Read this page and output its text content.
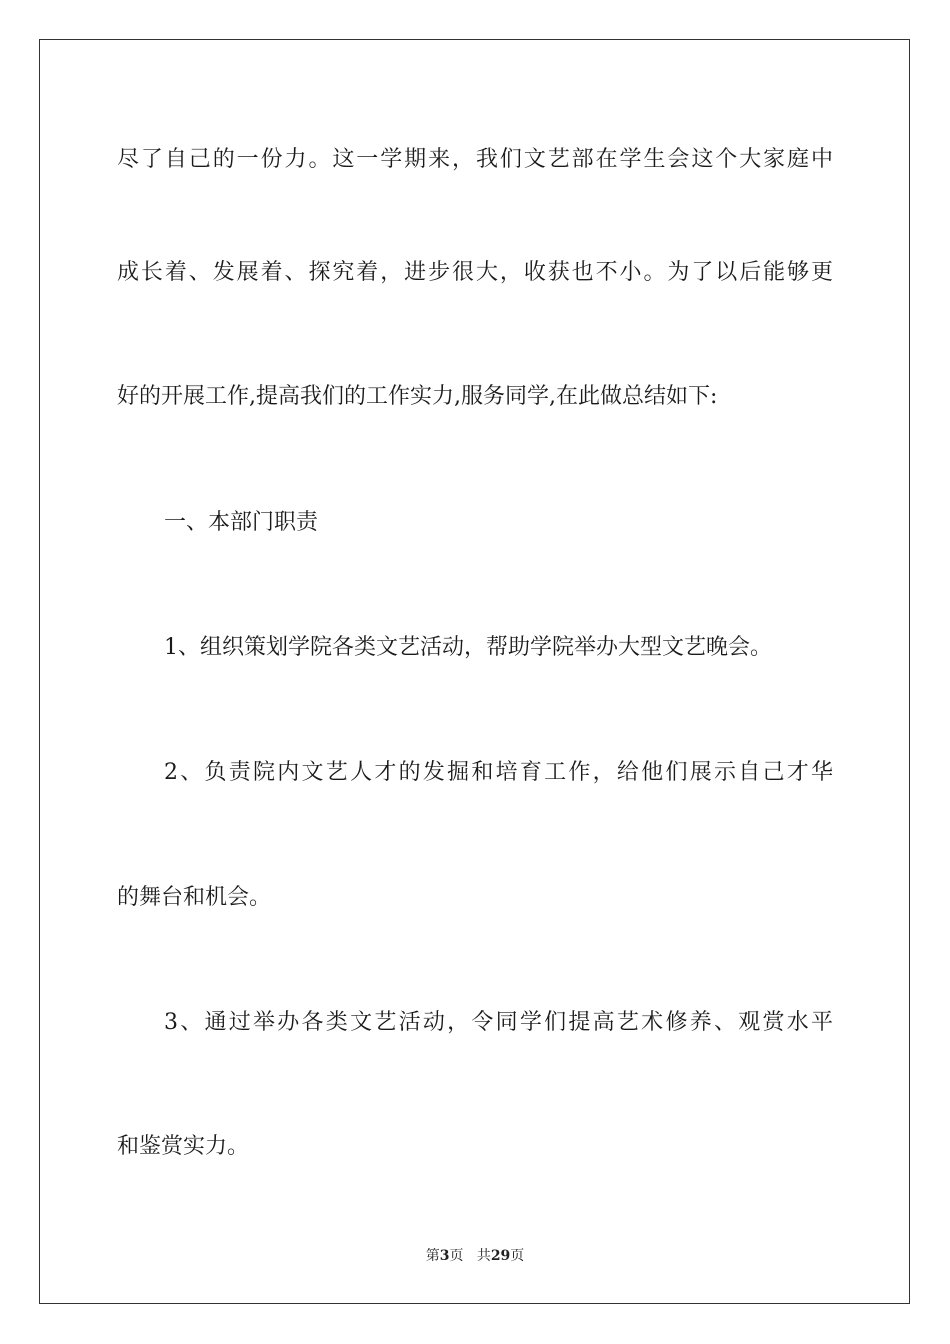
尽了自己的一份力。这一学期来，我们文艺部在学生会这个大家庭中
成长着、发展着、探究着，进步很大，收获也不小。为了以后能够更
好的开展工作,提高我们的工作实力,服务同学,在此做总结如下:
一、本部门职责
1、组织策划学院各类文艺活动，帮助学院举办大型文艺晚会。
2、负责院内文艺人才的发掘和培育工作，给他们展示自己才华
的舞台和机会。
3、通过举办各类文艺活动，令同学们提高艺术修养、观赏水平
和鉴赏实力。
第3页 共29页
